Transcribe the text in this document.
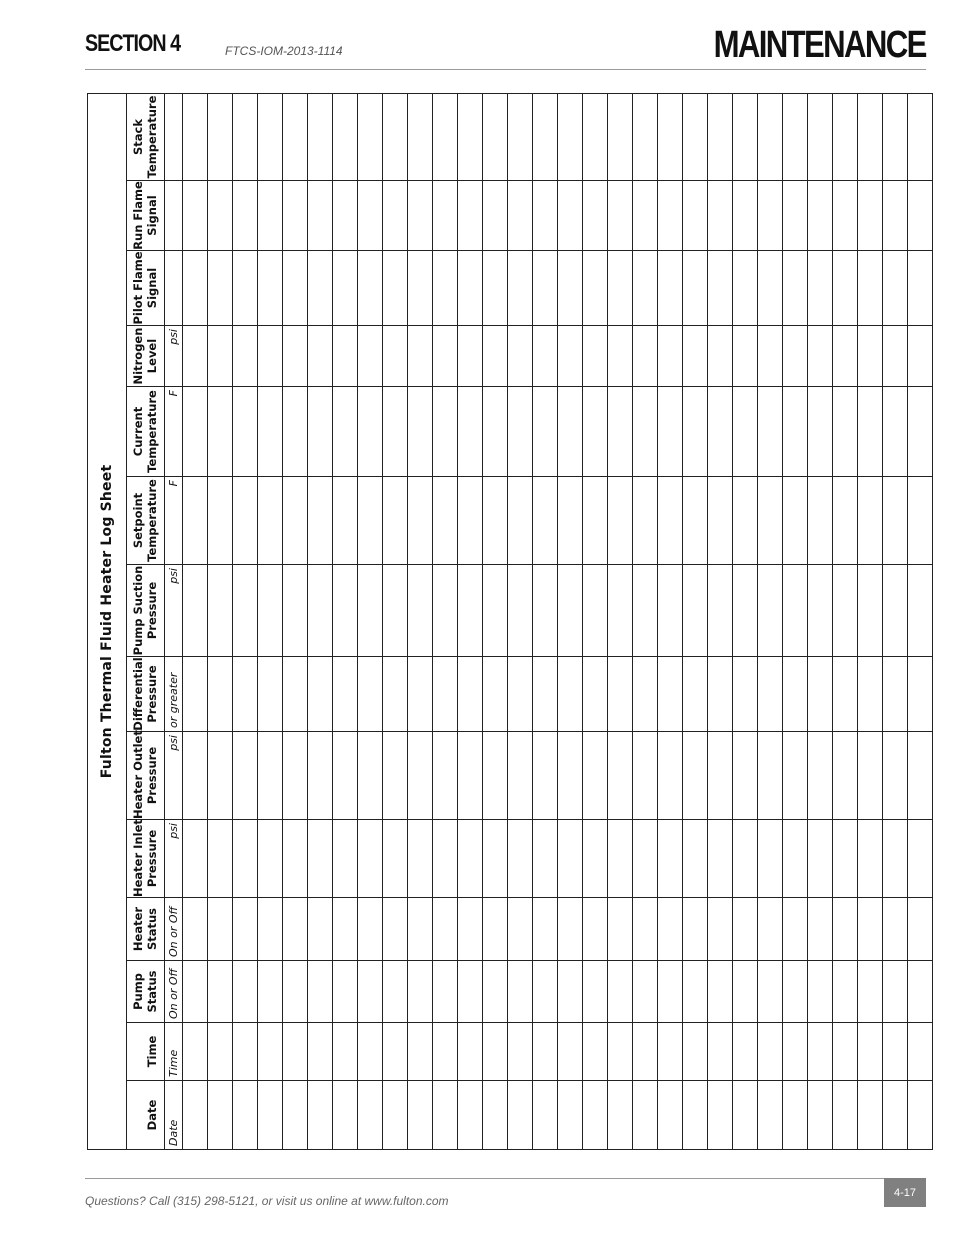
SECTION 4	FTCS-IOM-2013-1114	MAINTENANCE
Fulton Thermal Fluid Heater Log Sheet													
		Pump	Heater	Heater Inlet	Heater Outlet	Differential	Pump Suction	Setpoint	Current	Nitrogen	Pilot Flame	Run Flame	Stack
Date	Time	Status	Status	Pressure	Pressure	Pressure	Pressure	Temperature	Temperature	Level	Signal	Signal	Temperature
Date	Time	On or Off	On or Off	psi	psi	or greater	psi	F	F	psi			

Questions? Call (315) 298-5121, or visit us online at www.fulton.com
4-17
